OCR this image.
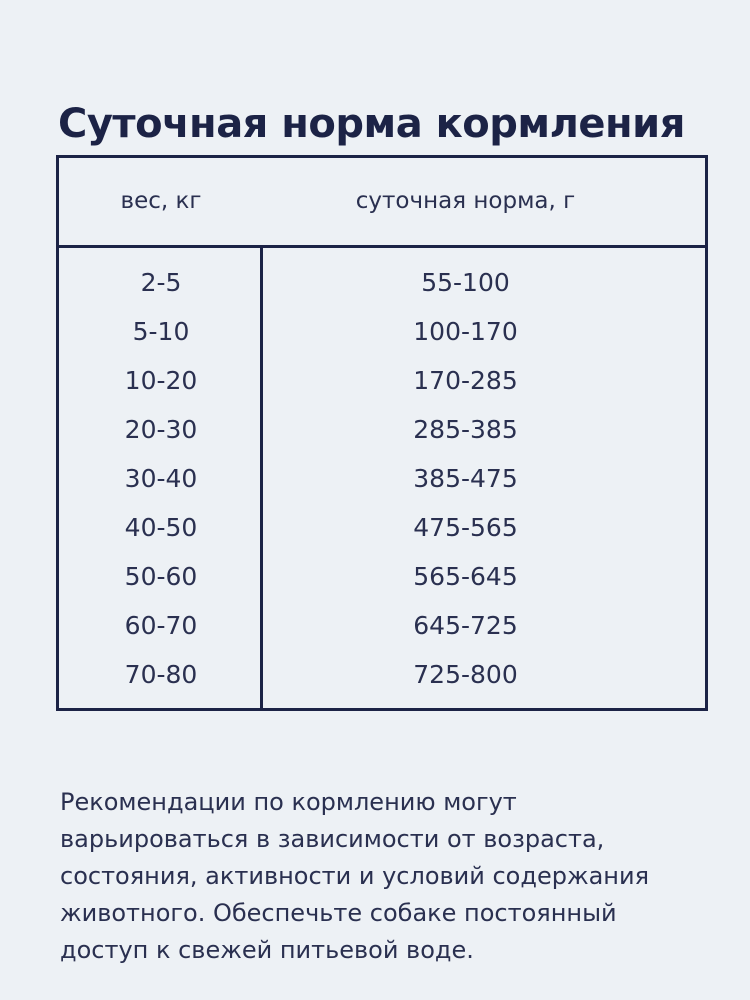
Суточная норма кормления
вес, кг	суточная норма, г
2-5	55-100
5-10	100-170
10-20	170-285
20-30	285-385
30-40	385-475
40-50	475-565
50-60	565-645
60-70	645-725
70-80	725-800

Рекомендации по кормлению могут варьироваться в зависимости от возраста, состояния, активности и условий содержания животного. Обеспечьте собаке постоянный доступ к свежей питьевой воде.
